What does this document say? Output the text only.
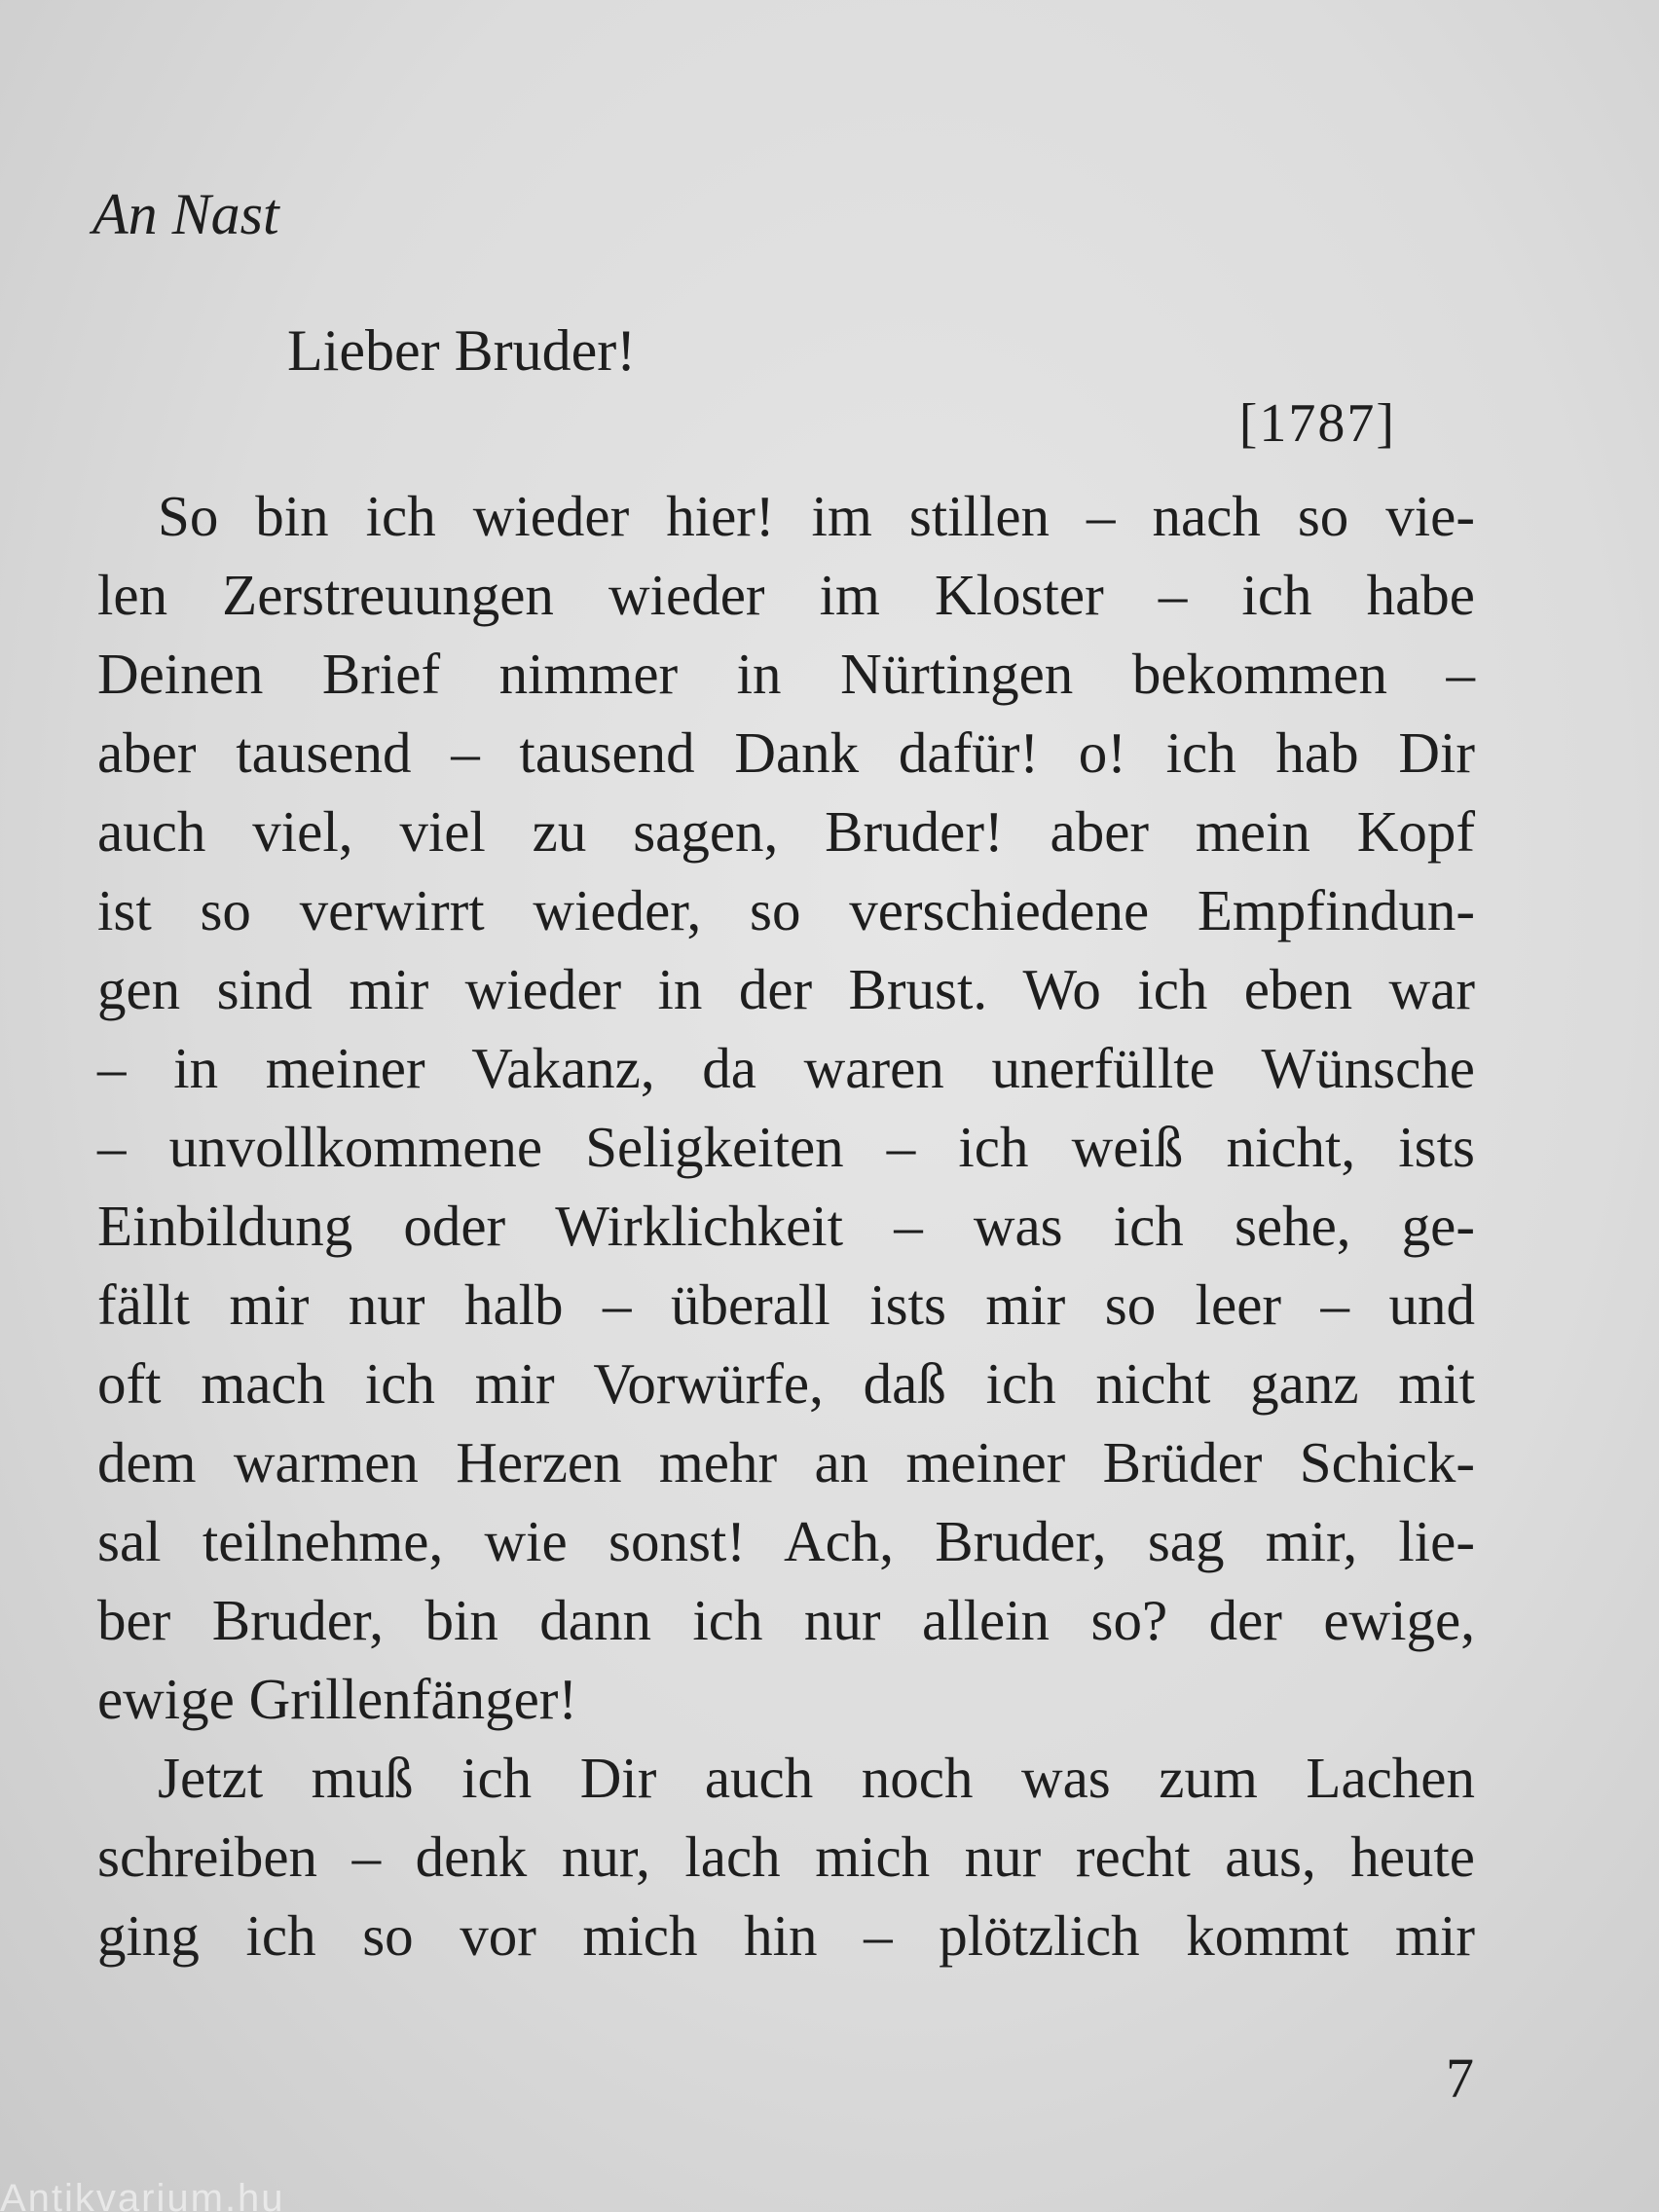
An Nast
Lieber Bruder!
[1787]
So bin ich wieder hier! im stillen – nach so vie-
len Zerstreuungen wieder im Kloster – ich habe
Deinen Brief nimmer in Nürtingen bekommen –
aber tausend – tausend Dank dafür! o! ich hab Dir
auch viel, viel zu sagen, Bruder! aber mein Kopf
ist so verwirrt wieder, so verschiedene Empfindun-
gen sind mir wieder in der Brust. Wo ich eben war
– in meiner Vakanz, da waren unerfüllte Wünsche
– unvollkommene Seligkeiten – ich weiß nicht, ists
Einbildung oder Wirklichkeit – was ich sehe, ge-
fällt mir nur halb – überall ists mir so leer – und
oft mach ich mir Vorwürfe, daß ich nicht ganz mit
dem warmen Herzen mehr an meiner Brüder Schick-
sal teilnehme, wie sonst! Ach, Bruder, sag mir, lie-
ber Bruder, bin dann ich nur allein so? der ewige,
ewige Grillenfänger!
Jetzt muß ich Dir auch noch was zum Lachen
schreiben – denk nur, lach mich nur recht aus, heute
ging ich so vor mich hin – plötzlich kommt mir
7
Antikvarium.hu
